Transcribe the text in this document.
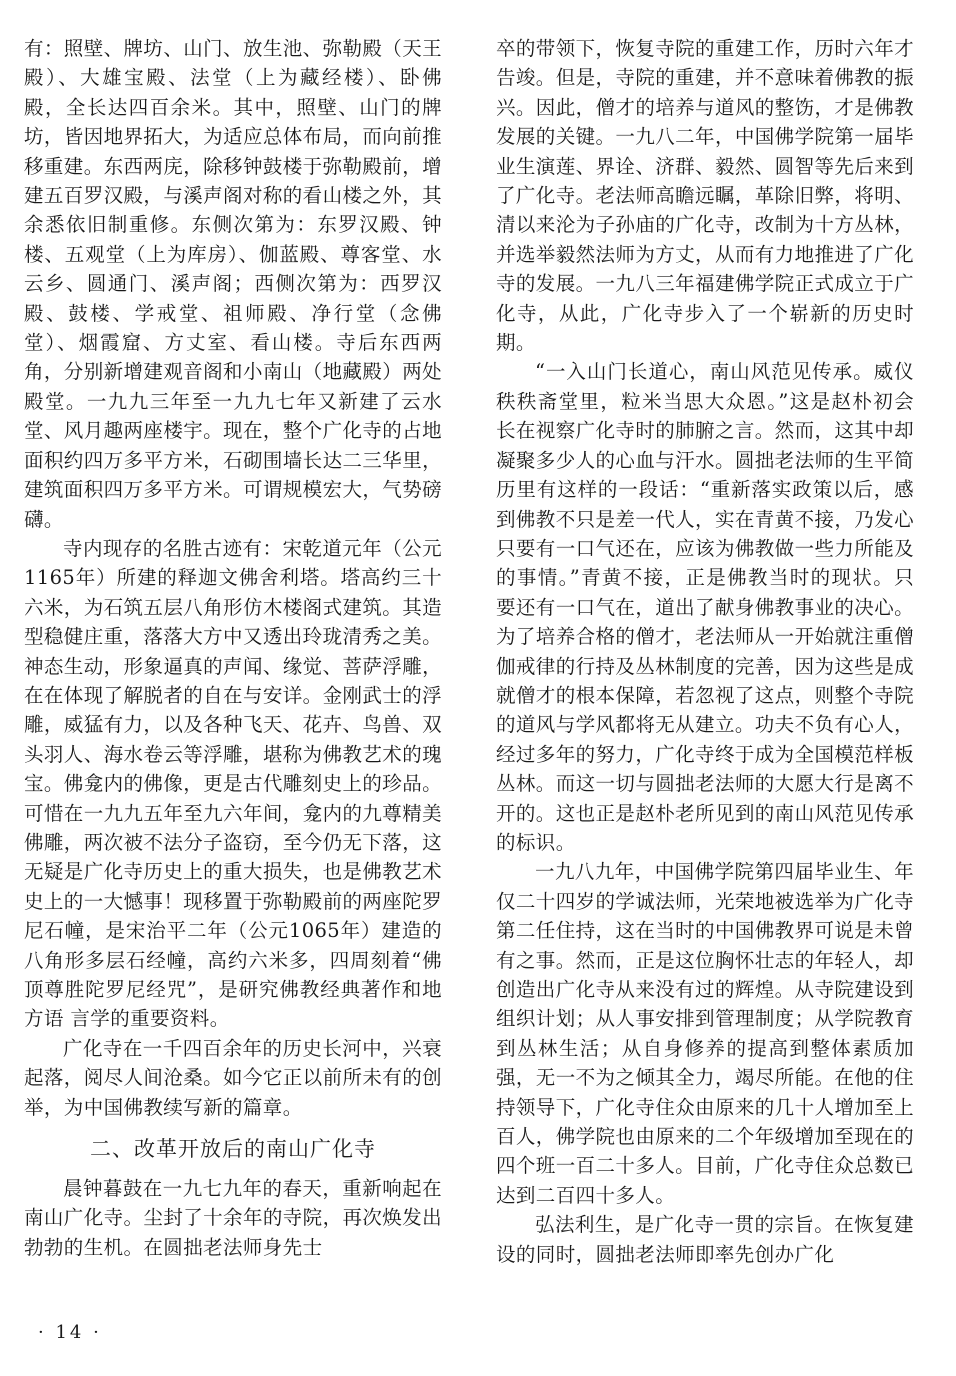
有：照壁、牌坊、山门、放生池、弥勒殿（天王殿）、大雄宝殿、法堂（上为藏经楼）、卧佛殿，全长达四百余米。其中，照壁、山门的牌坊，皆因地界拓大，为适应总体布局，而向前推移重建。东西两庑，除移钟鼓楼于弥勒殿前，增建五百罗汉殿，与溪声阁对称的看山楼之外，其余悉依旧制重修。东侧次第为：东罗汉殿、钟楼、五观堂（上为库房）、伽蓝殿、尊客堂、水云乡、圆通门、溪声阁；西侧次第为：西罗汉殿、鼓楼、学戒堂、祖师殿、净行堂（念佛堂）、烟霞窟、方丈室、看山楼。寺后东西两角，分别新增建观音阁和小南山（地藏殿）两处殿堂。一九九三年至一九九七年又新建了云水堂、风月趣两座楼宇。现在，整个广化寺的占地面积约四万多平方米，石砌围墙长达二三华里，建筑面积四万多平方米。可谓规模宏大，气势磅礴。

寺内现存的名胜古迹有：宋乾道元年（公元1165年）所建的释迦文佛舍利塔。塔高约三十六米，为石筑五层八角形仿木楼阁式建筑。其造型稳健庄重，落落大方中又透出玲珑清秀之美。神态生动，形象逼真的声闻、缘觉、菩萨浮雕，在在体现了解脱者的自在与安详。金刚武士的浮雕，威猛有力，以及各种飞天、花卉、鸟兽、双头羽人、海水卷云等浮雕，堪称为佛教艺术的瑰宝。佛龛内的佛像，更是古代雕刻史上的珍品。可惜在一九九五年至九六年间，龛内的九尊精美佛雕，两次被不法分子盗窃，至今仍无下落，这无疑是广化寺历史上的重大损失，也是佛教艺术史上的一大憾事！现移置于弥勒殿前的两座陀罗尼石幢，是宋治平二年（公元1065年）建造的八角形多层石经幢，高约六米多，四周刻着“佛顶尊胜陀罗尼经咒”，是研究佛教经典著作和地方语 言学的重要资料。

广化寺在一千四百余年的历史长河中，兴衰起落，阅尽人间沧桑。如今它正以前所未有的创举，为中国佛教续写新的篇章。

二、改革开放后的南山广化寺

晨钟暮鼓在一九七九年的春天，重新响起在南山广化寺。尘封了十余年的寺院，再次焕发出勃勃的生机。在圆拙老法师身先士

卒的带领下，恢复寺院的重建工作，历时六年才告竣。但是，寺院的重建，并不意味着佛教的振兴。因此，僧才的培养与道风的整饬，才是佛教发展的关键。一九八二年，中国佛学院第一届毕业生演莲、界诠、济群、毅然、圆智等先后来到了广化寺。老法师高瞻远瞩，革除旧弊，将明、清以来沦为子孙庙的广化寺，改制为十方丛林，并选举毅然法师为方丈，从而有力地推进了广化寺的发展。一九八三年福建佛学院正式成立于广化寺，从此，广化寺步入了一个崭新的历史时期。

“一入山门长道心，南山风范见传承。威仪秩秩斋堂里，粒米当思大众恩。”这是赵朴初会长在视察广化寺时的肺腑之言。然而，这其中却凝聚多少人的心血与汗水。圆拙老法师的生平简历里有这样的一段话：“重新落实政策以后，感到佛教不只是差一代人，实在青黄不接，乃发心只要有一口气还在，应该为佛教做一些力所能及的事情。”青黄不接，正是佛教当时的现状。只要还有一口气在，道出了献身佛教事业的决心。为了培养合格的僧才，老法师从一开始就注重僧伽戒律的行持及丛林制度的完善，因为这些是成就僧才的根本保障，若忽视了这点，则整个寺院的道风与学风都将无从建立。功夫不负有心人，经过多年的努力，广化寺终于成为全国模范样板丛林。而这一切与圆拙老法师的大愿大行是离不开的。这也正是赵朴老所见到的南山风范见传承的标识。

一九八九年，中国佛学院第四届毕业生、年仅二十四岁的学诚法师，光荣地被选举为广化寺第二任住持，这在当时的中国佛教界可说是未曾有之事。然而，正是这位胸怀壮志的年轻人，却创造出广化寺从来没有过的辉煌。从寺院建设到组织计划；从人事安排到管理制度；从学院教育到丛林生活；从自身修养的提高到整体素质加强，无一不为之倾其全力，竭尽所能。在他的住持领导下，广化寺住众由原来的几十人增加至上百人，佛学院也由原来的二个年级增加至现在的四个班一百二十多人。目前，广化寺住众总数已达到二百四十多人。

弘法利生，是广化寺一贯的宗旨。在恢复建设的同时，圆拙老法师即率先创办广化

· 14 ·
